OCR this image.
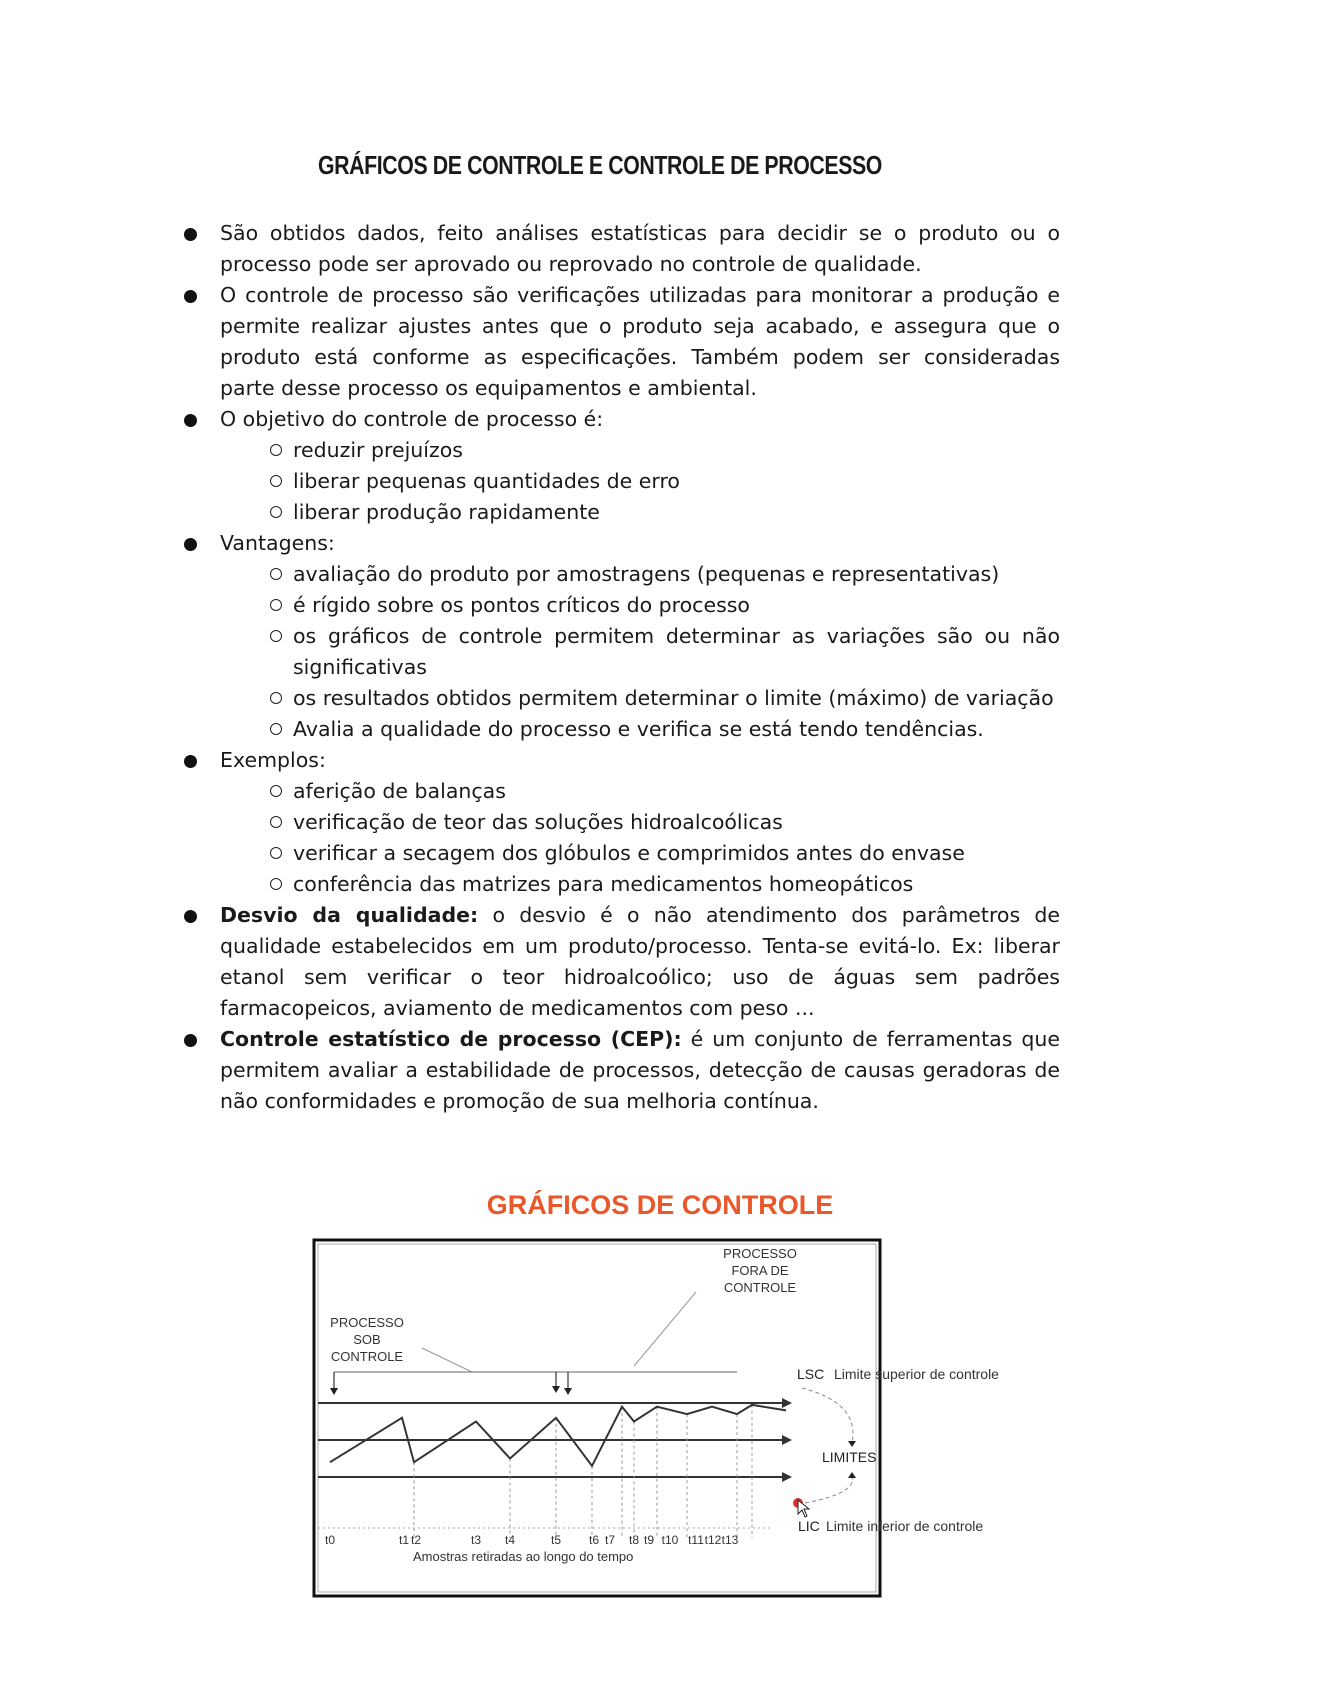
GRÁFICOS DE CONTROLE E CONTROLE DE PROCESSO
São obtidos dados, feito análises estatísticas para decidir se o produto ou o processo pode ser aprovado ou reprovado no controle de qualidade.
O controle de processo são verificações utilizadas para monitorar a produção e permite realizar ajustes antes que o produto seja acabado, e assegura que o produto está conforme as especificações. Também podem ser consideradas parte desse processo os equipamentos e ambiental.
O objetivo do controle de processo é:
reduzir prejuízos
liberar pequenas quantidades de erro
liberar produção rapidamente
Vantagens:
avaliação do produto por amostragens (pequenas e representativas)
é rígido sobre os pontos críticos do processo
os gráficos de controle permitem determinar as variações são ou não significativas
os resultados obtidos permitem determinar o limite (máximo) de variação
Avalia a qualidade do processo e verifica se está tendo tendências.
Exemplos:
aferição de balanças
verificação de teor das soluções hidroalcoólicas
verificar a secagem dos glóbulos e comprimidos antes do envase
conferência das matrizes para medicamentos homeopáticos
Desvio da qualidade: o desvio é o não atendimento dos parâmetros de qualidade estabelecidos em um produto/processo. Tenta-se evitá-lo. Ex: liberar etanol sem verificar o teor hidroalcoólico; uso de águas sem padrões farmacopeicos, aviamento de medicamentos com peso ...
Controle estatístico de processo (CEP): é um conjunto de ferramentas que permitem avaliar a estabilidade de processos, detecção de causas geradoras de não conformidades e promoção de sua melhoria contínua.
GRÁFICOS DE CONTROLE
t0	t1 t2	t3 t4	t5 t6 t7 t8 t9 t10 t11 t12 t13
Amostras retiradas ao longo do tempo
PROCESSO
FORA DE
CONTROLE
PROCESSO
SOB
CONTROLE
LSC Limite superior de controle
LIMITES
LIC Limite inferior de controle
